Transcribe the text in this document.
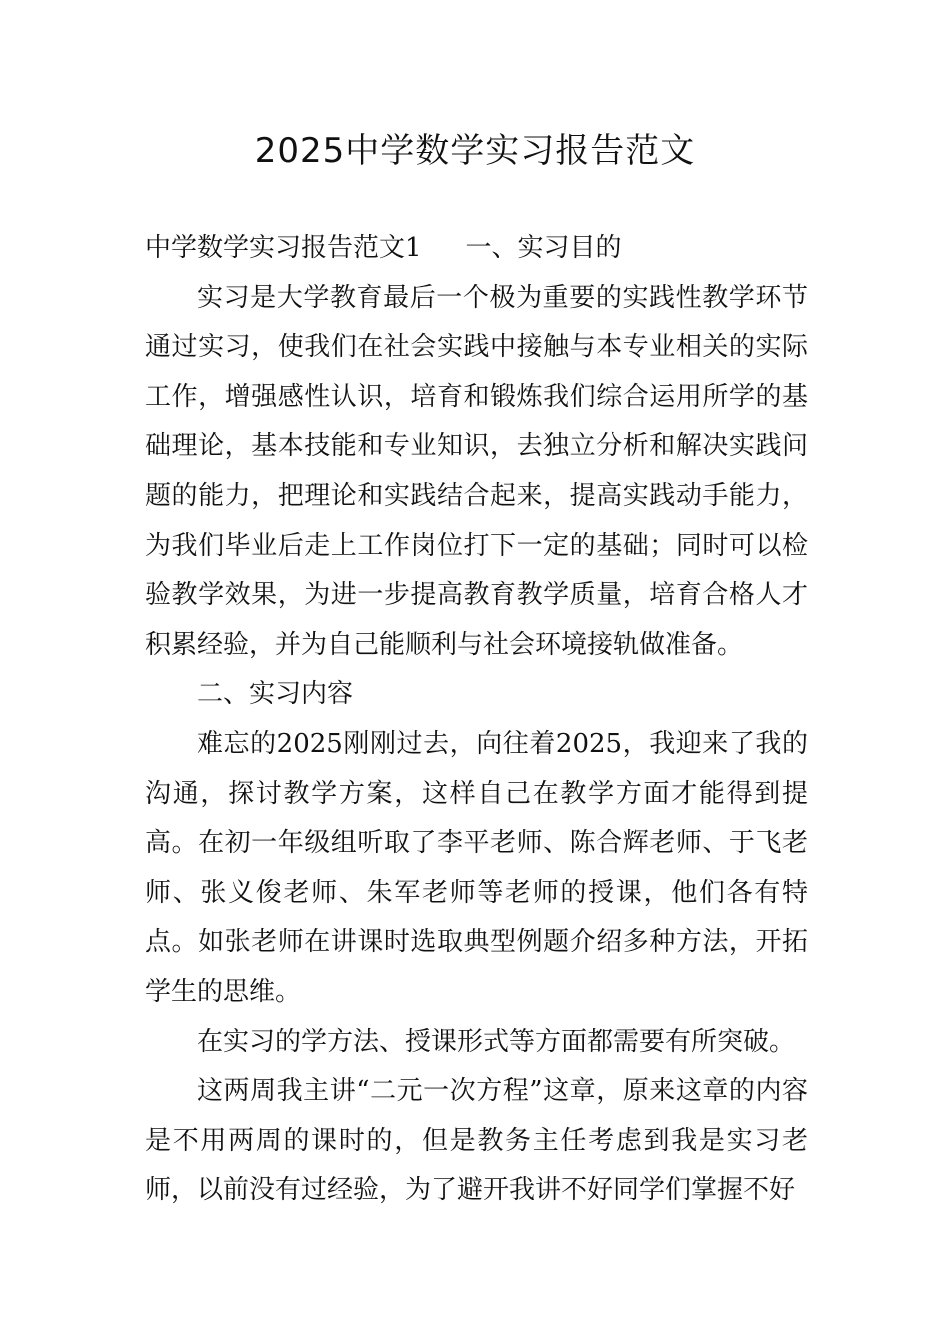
2025中学数学实习报告范文

中学数学实习报告范文1 一、实习目的

实习是大学教育最后一个极为重要的实践性教学环节通过实习，使我们在社会实践中接触与本专业相关的实际工作，增强感性认识，培育和锻炼我们综合运用所学的基础理论，基本技能和专业知识，去独立分析和解决实践问题的能力，把理论和实践结合起来，提高实践动手能力，为我们毕业后走上工作岗位打下一定的基础；同时可以检验教学效果，为进一步提高教育教学质量，培育合格人才积累经验，并为自己能顺利与社会环境接轨做准备。

二、实习内容

难忘的2025刚刚过去，向往着2025，我迎来了我的沟通，探讨教学方案，这样自己在教学方面才能得到提高。在初一年级组听取了李平老师、陈合辉老师、于飞老师、张义俊老师、朱军老师等老师的授课，他们各有特点。如张老师在讲课时选取典型例题介绍多种方法，开拓学生的思维。

在实习的学方法、授课形式等方面都需要有所突破。

这两周我主讲“二元一次方程”这章，原来这章的内容是不用两周的课时的，但是教务主任考虑到我是实习老师，以前没有过经验，为了避开我讲不好同学们掌握不好
